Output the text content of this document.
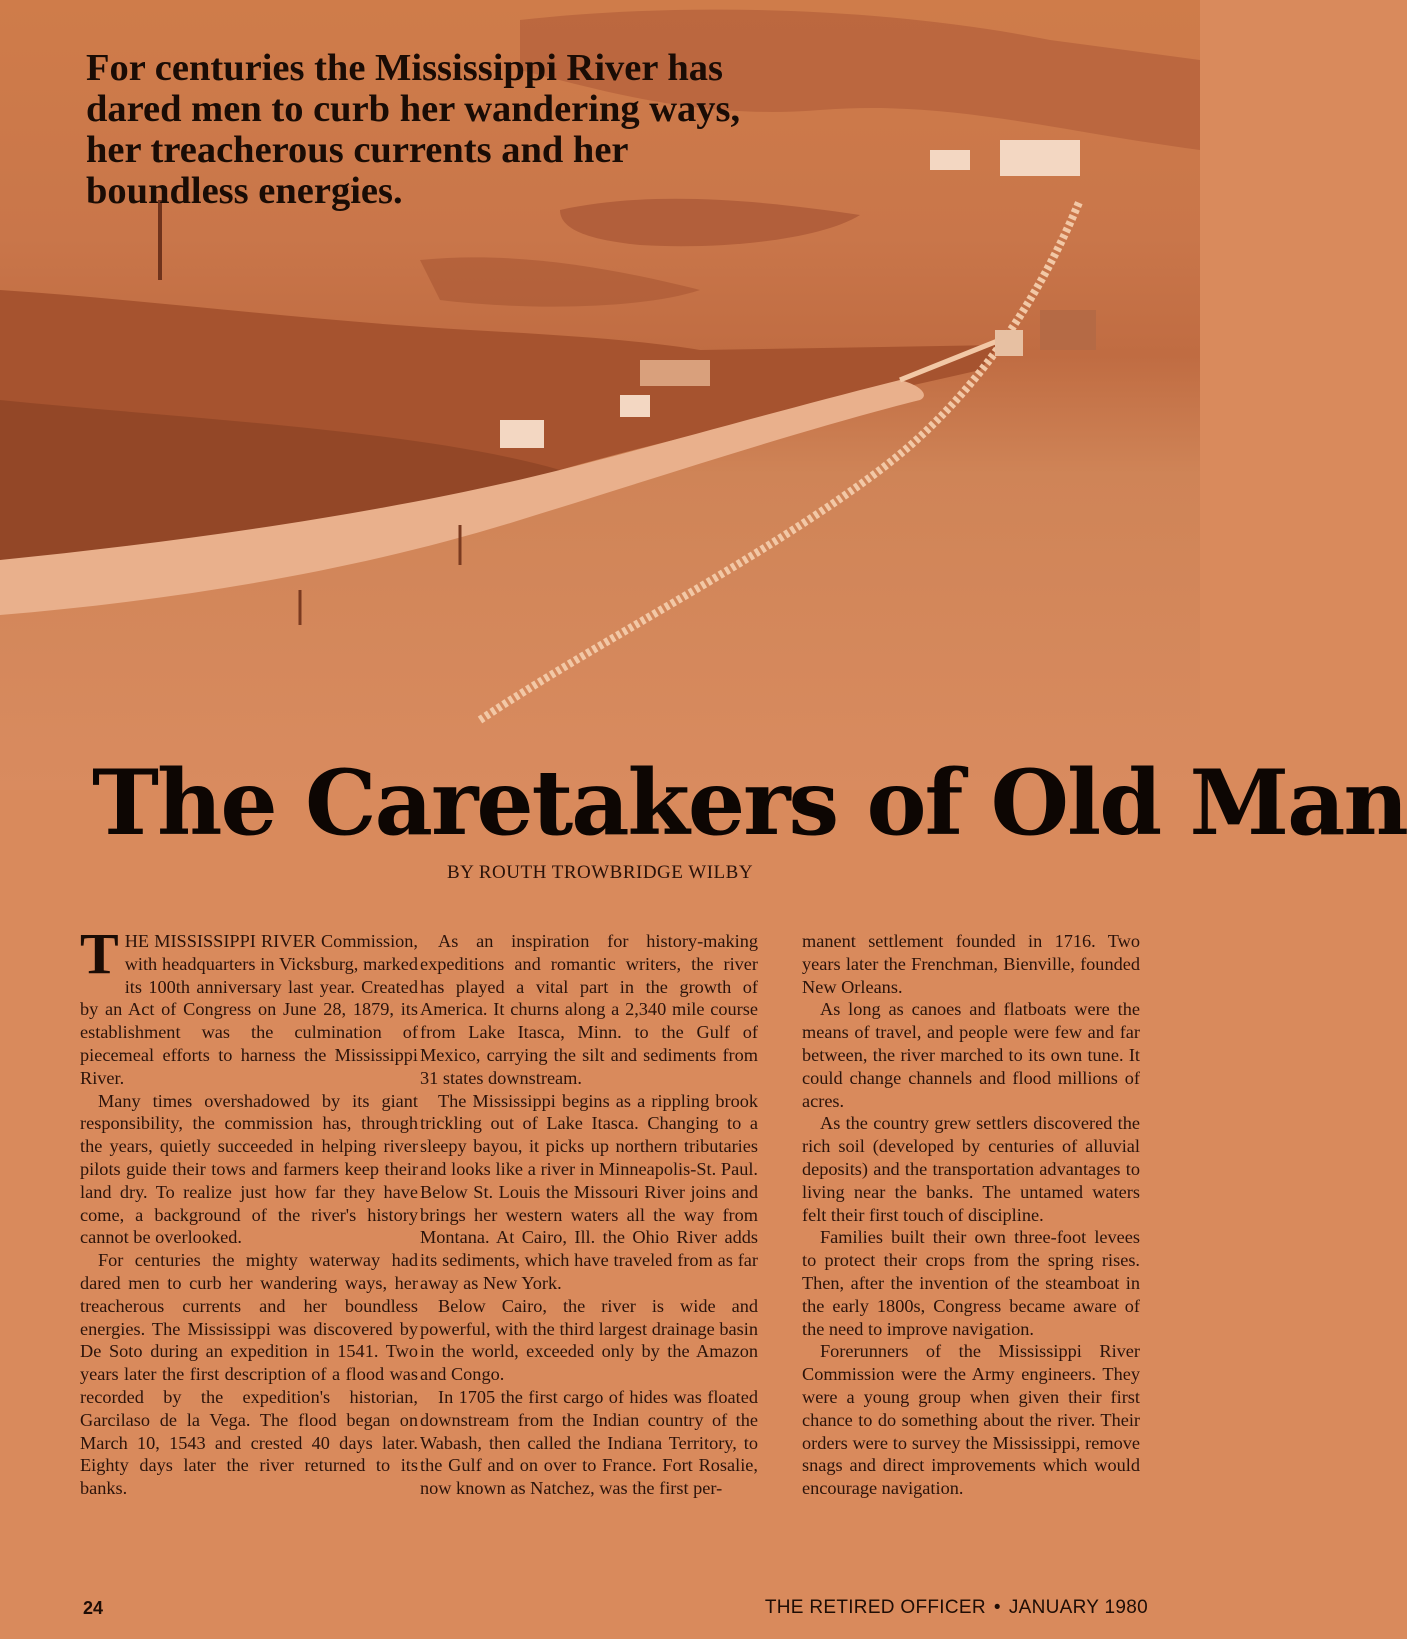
For centuries the Mississippi River has dared men to curb her wandering ways, her treacherous currents and her boundless energies.

The Caretakers of Old Man

BY ROUTH TROWBRIDGE WILBY

THE MISSISSIPPI RIVER Commission, with headquarters in Vicksburg, marked its 100th anniversary last year. Created by an Act of Congress on June 28, 1879, its establishment was the culmination of piecemeal efforts to harness the Mississippi River.

Many times overshadowed by its giant responsibility, the commission has, through the years, quietly succeeded in helping river pilots guide their tows and farmers keep their land dry. To realize just how far they have come, a background of the river's history cannot be overlooked.

For centuries the mighty waterway had dared men to curb her wandering ways, her treacherous currents and her boundless energies. The Mississippi was discovered by De Soto during an expedition in 1541. Two years later the first description of a flood was recorded by the expedition's historian, Garcilaso de la Vega. The flood began on March 10, 1543 and crested 40 days later. Eighty days later the river returned to its banks.

As an inspiration for history-making expeditions and romantic writers, the river has played a vital part in the growth of America. It churns along a 2,340 mile course from Lake Itasca, Minn. to the Gulf of Mexico, carrying the silt and sediments from 31 states downstream.

The Mississippi begins as a rippling brook trickling out of Lake Itasca. Changing to a sleepy bayou, it picks up northern tributaries and looks like a river in Minneapolis-St. Paul. Below St. Louis the Missouri River joins and brings her western waters all the way from Montana. At Cairo, Ill. the Ohio River adds its sediments, which have traveled from as far away as New York.

Below Cairo, the river is wide and powerful, with the third largest drainage basin in the world, exceeded only by the Amazon and Congo.

In 1705 the first cargo of hides was floated downstream from the Indian country of the Wabash, then called the Indiana Territory, to the Gulf and on over to France. Fort Rosalie, now known as Natchez, was the first per-

manent settlement founded in 1716. Two years later the Frenchman, Bienville, founded New Orleans.

As long as canoes and flatboats were the means of travel, and people were few and far between, the river marched to its own tune. It could change channels and flood millions of acres.

As the country grew settlers discovered the rich soil (developed by centuries of alluvial deposits) and the transportation advantages to living near the banks. The untamed waters felt their first touch of discipline.

Families built their own three-foot levees to protect their crops from the spring rises. Then, after the invention of the steamboat in the early 1800s, Congress became aware of the need to improve navigation.

Forerunners of the Mississippi River Commission were the Army engineers. They were a young group when given their first chance to do something about the river. Their orders were to survey the Mississippi, remove snags and direct improvements which would encourage navigation.

24	THE RETIRED OFFICER • JANUARY 1980
